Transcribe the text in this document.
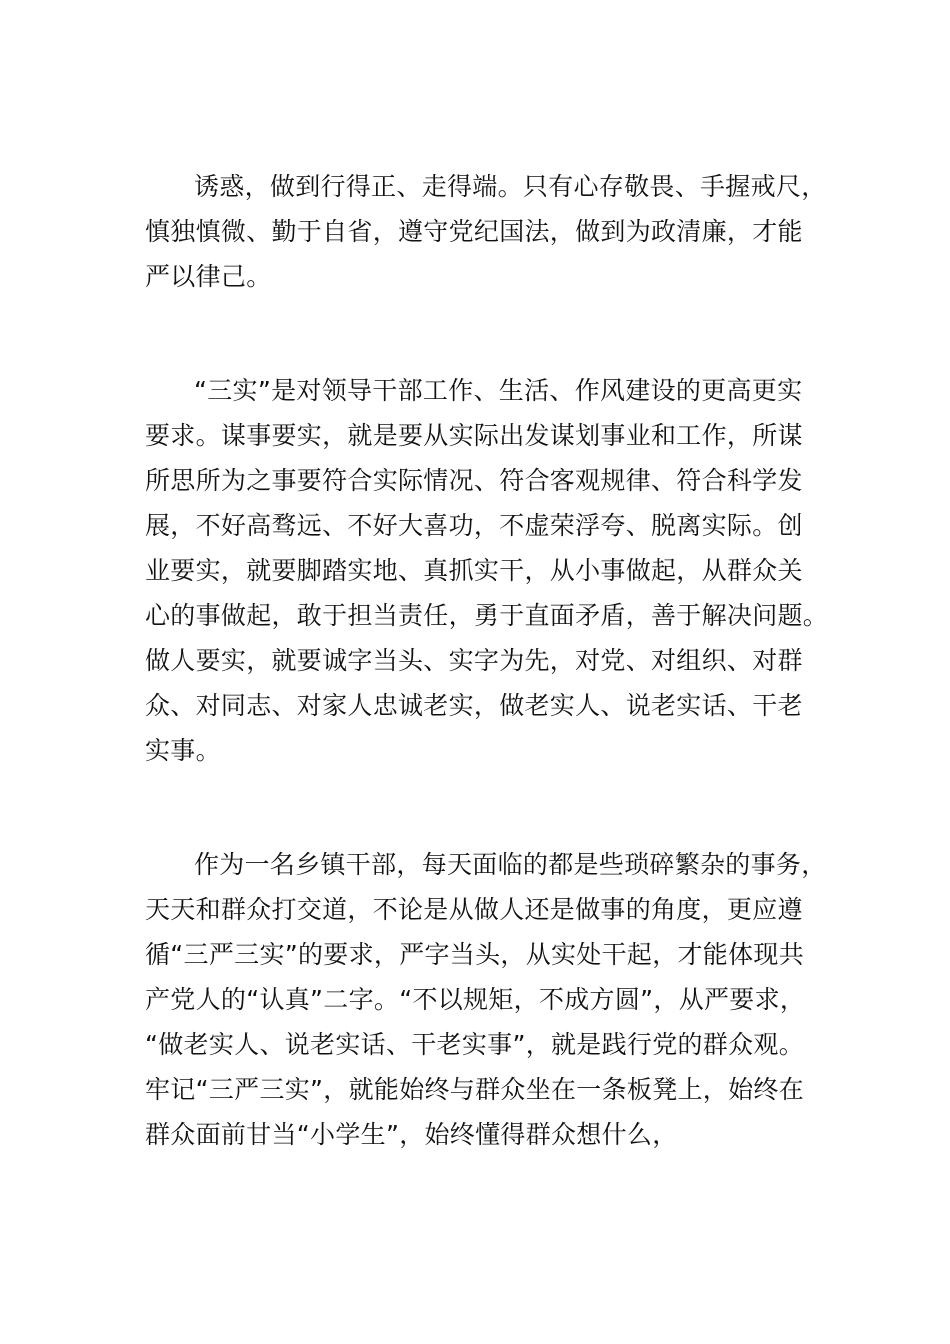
诱惑，做到行得正、走得端。只有心存敬畏、手握戒尺，
慎独慎微、勤于自省，遵守党纪国法，做到为政清廉，才能
严以律己。
“三实”是对领导干部工作、生活、作风建设的更高更实
要求。谋事要实，就是要从实际出发谋划事业和工作，所谋
所思所为之事要符合实际情况、符合客观规律、符合科学发
展，不好高骛远、不好大喜功，不虚荣浮夸、脱离实际。创
业要实，就要脚踏实地、真抓实干，从小事做起，从群众关
心的事做起，敢于担当责任，勇于直面矛盾，善于解决问题。
做人要实，就要诚字当头、实字为先，对党、对组织、对群
众、对同志、对家人忠诚老实，做老实人、说老实话、干老
实事。
作为一名乡镇干部，每天面临的都是些琐碎繁杂的事务，
天天和群众打交道，不论是从做人还是做事的角度，更应遵
循“三严三实”的要求，严字当头，从实处干起，才能体现共
产党人的“认真”二字。“不以规矩，不成方圆”，从严要求，
“做老实人、说老实话、干老实事”，就是践行党的群众观。
牢记“三严三实”，就能始终与群众坐在一条板凳上，始终在
群众面前甘当“小学生”，始终懂得群众想什么，
